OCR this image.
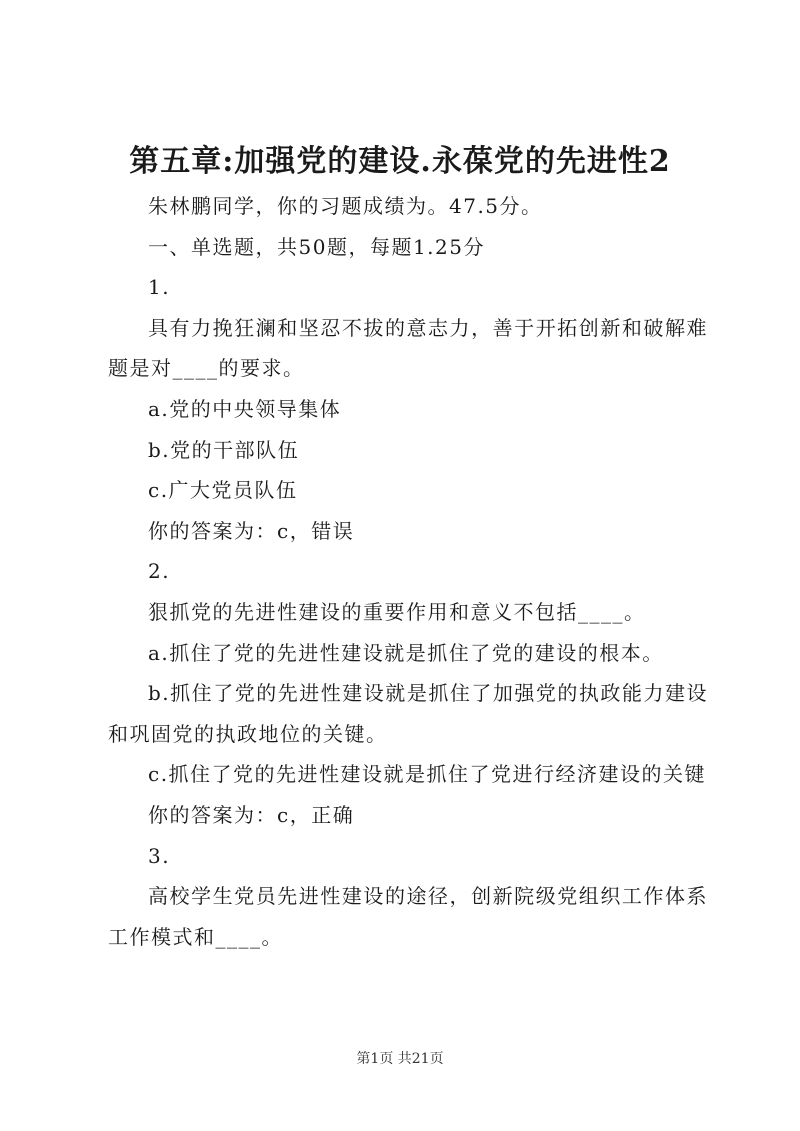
第五章:加强党的建设.永葆党的先进性2

朱林鹏同学，你的习题成绩为。47.5分。

一、单选题，共50题，每题1.25分

1.

具有力挽狂澜和坚忍不拔的意志力，善于开拓创新和破解难题是对____的要求。

a.党的中央领导集体

b.党的干部队伍

c.广大党员队伍

你的答案为：c，错误

2.

狠抓党的先进性建设的重要作用和意义不包括____。

a.抓住了党的先进性建设就是抓住了党的建设的根本。

b.抓住了党的先进性建设就是抓住了加强党的执政能力建设和巩固党的执政地位的关键。

c.抓住了党的先进性建设就是抓住了党进行经济建设的关键

你的答案为：c，正确

3.

高校学生党员先进性建设的途径，创新院级党组织工作体系工作模式和____。

第1页 共21页
